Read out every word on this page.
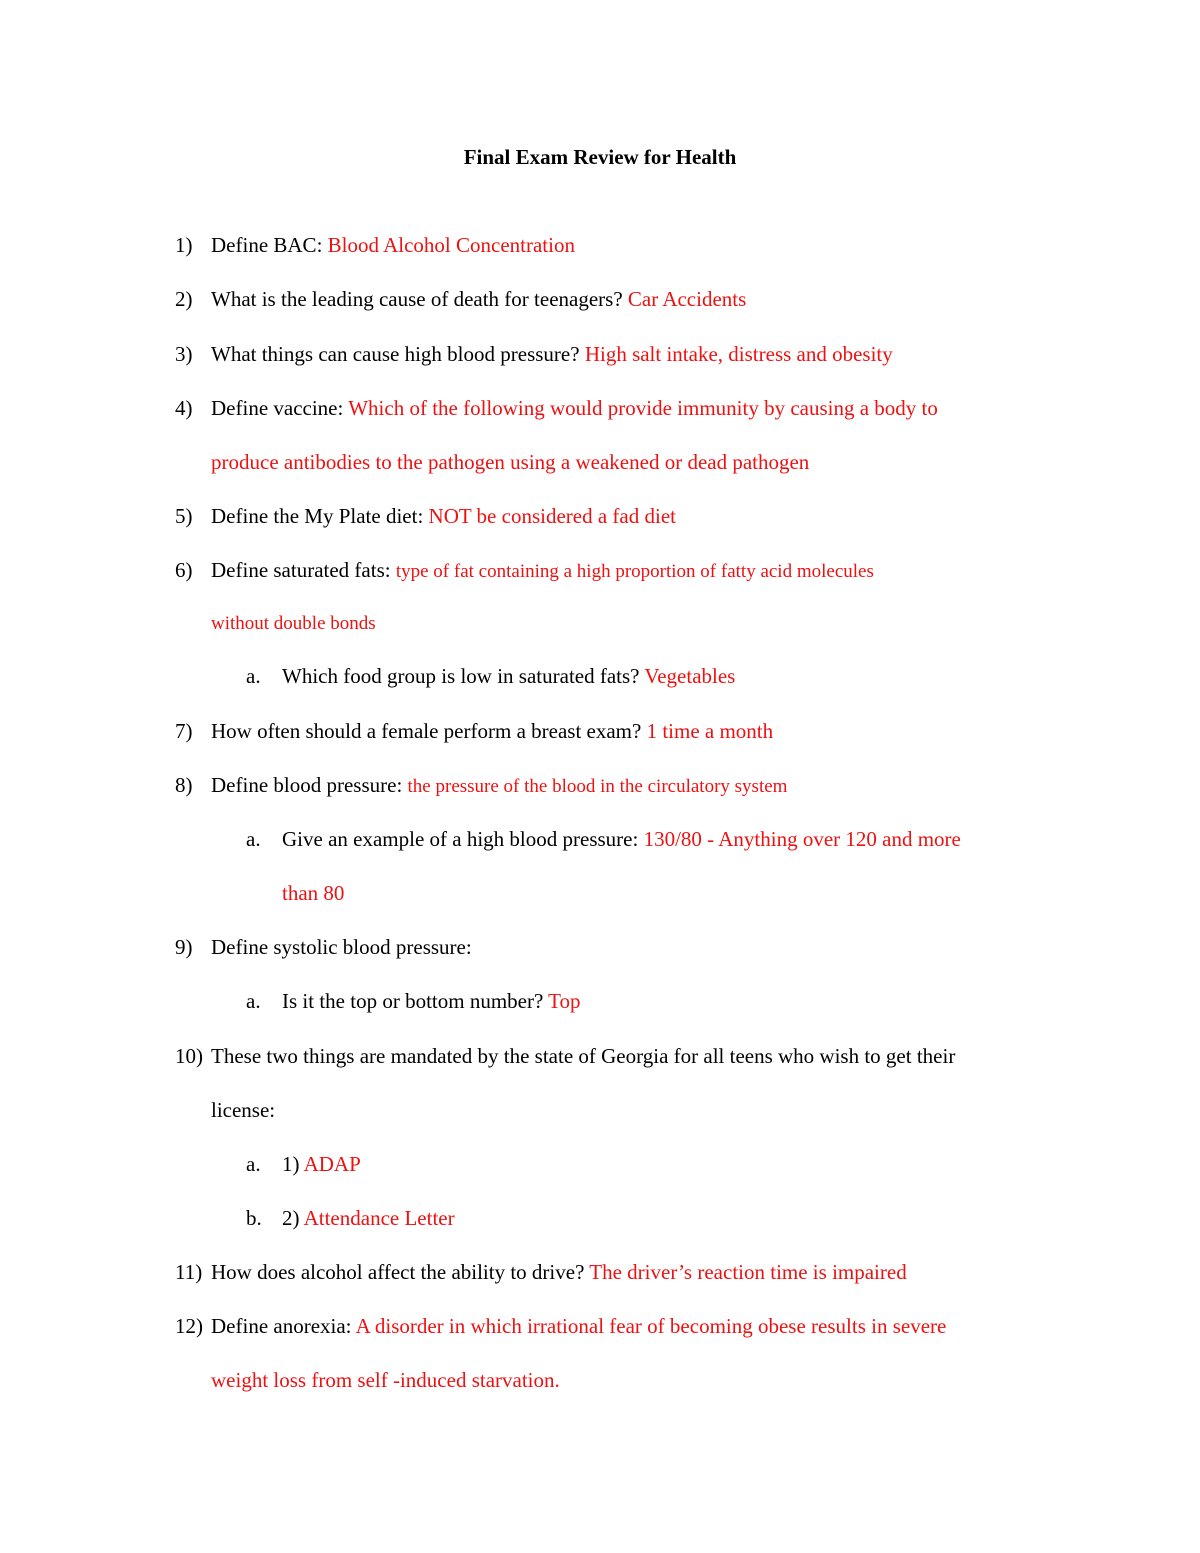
Final Exam Review for Health
1) Define BAC: Blood Alcohol Concentration
2) What is the leading cause of death for teenagers? Car Accidents
3) What things can cause high blood pressure? High salt intake, distress and obesity
4) Define vaccine: Which of the following would provide immunity by causing a body to
produce antibodies to the pathogen using a weakened or dead pathogen
5) Define the My Plate diet: NOT be considered a fad diet
6) Define saturated fats: type of fat containing a high proportion of fatty acid molecules
without double bonds
a. Which food group is low in saturated fats? Vegetables
7) How often should a female perform a breast exam? 1 time a month
8) Define blood pressure: the pressure of the blood in the circulatory system
a. Give an example of a high blood pressure: 130/80 - Anything over 120 and more
than 80
9) Define systolic blood pressure:
a. Is it the top or bottom number? Top
10) These two things are mandated by the state of Georgia for all teens who wish to get their
license:
a. 1) ADAP
b. 2) Attendance Letter
11) How does alcohol affect the ability to drive? The driver’s reaction time is impaired
12) Define anorexia: A disorder in which irrational fear of becoming obese results in severe
weight loss from self -induced starvation.
